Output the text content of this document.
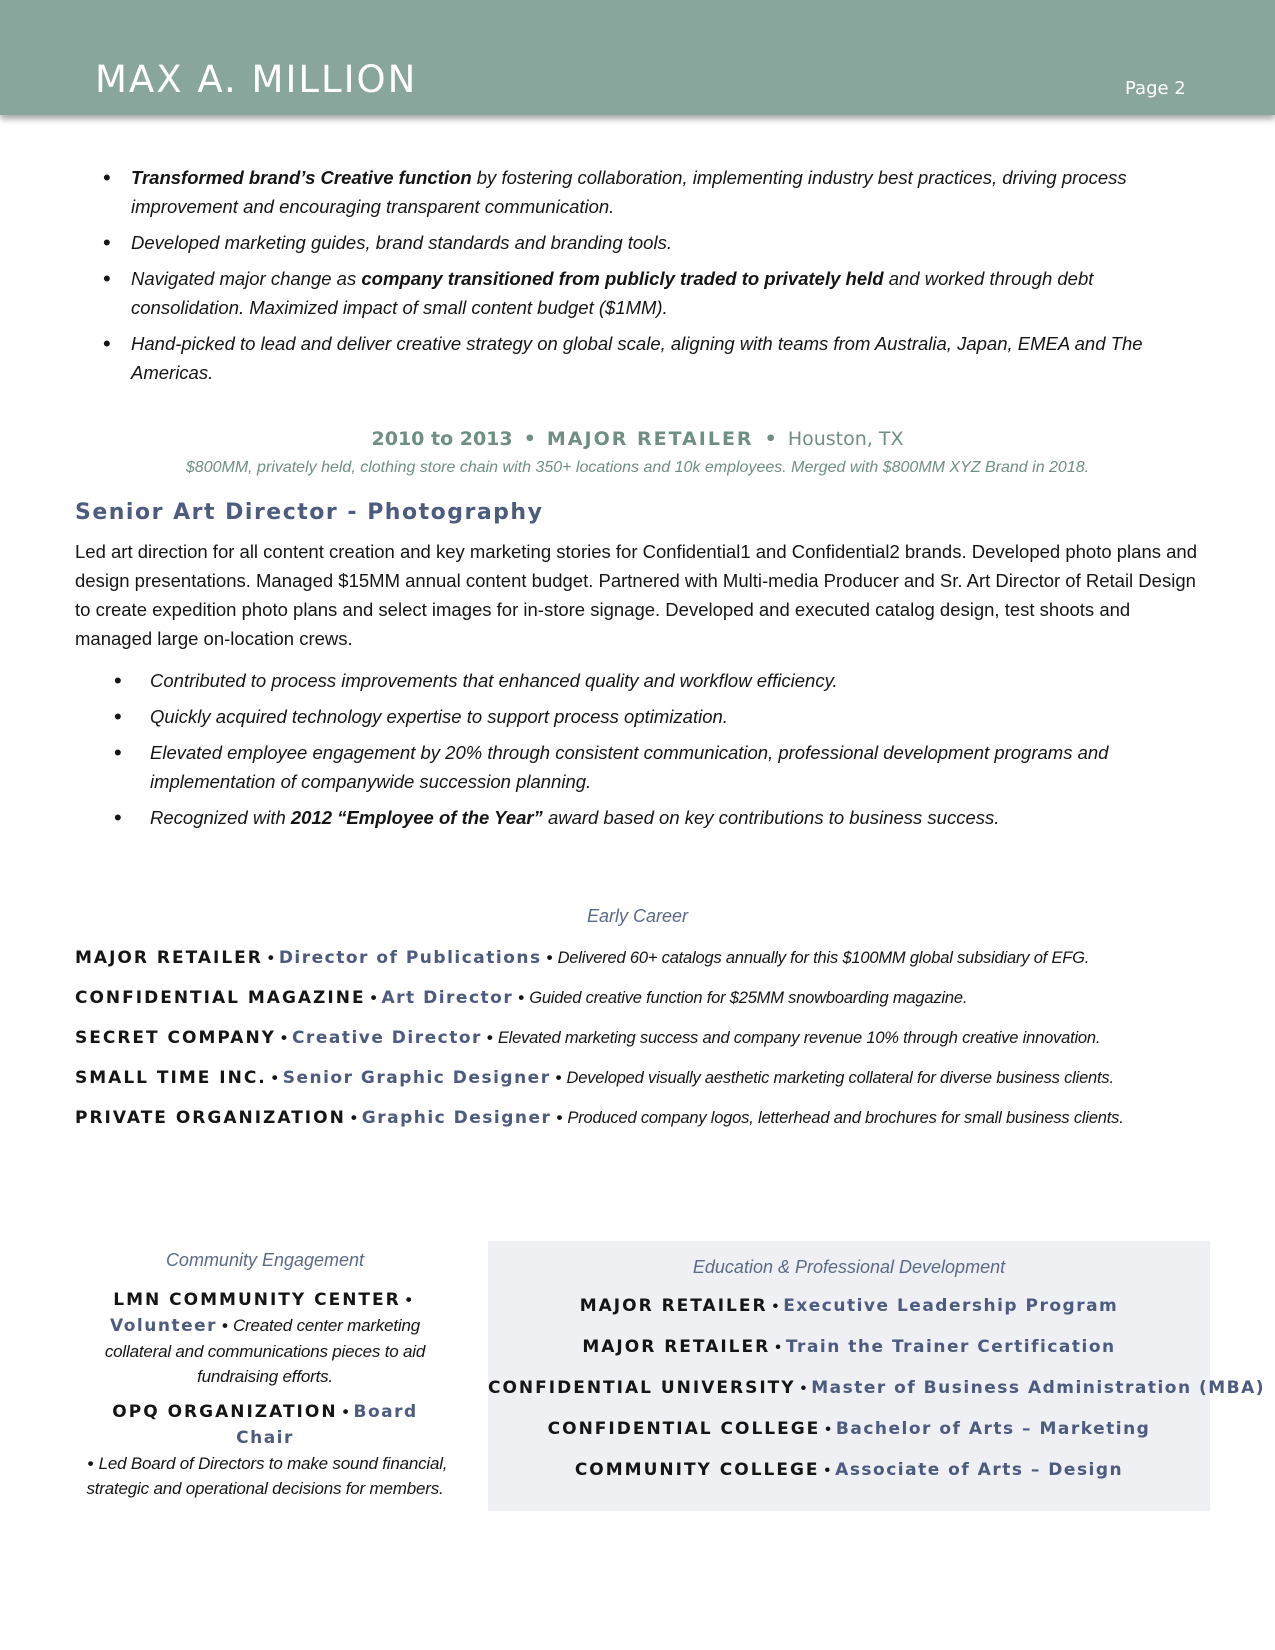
MAX A. MILLION	Page 2
• Transformed brand’s Creative function by fostering collaboration, implementing industry best practices, driving process improvement and encouraging transparent communication.
• Developed marketing guides, brand standards and branding tools.
• Navigated major change as company transitioned from publicly traded to privately held and worked through debt consolidation. Maximized impact of small content budget ($1MM).
• Hand-picked to lead and deliver creative strategy on global scale, aligning with teams from Australia, Japan, EMEA and The Americas.
2010 to 2013 • MAJOR RETAILER • Houston, TX
$800MM, privately held, clothing store chain with 350+ locations and 10k employees. Merged with $800MM XYZ Brand in 2018.
Senior Art Director - Photography
Led art direction for all content creation and key marketing stories for Confidential1 and Confidential2 brands. Developed photo plans and design presentations. Managed $15MM annual content budget. Partnered with Multi-media Producer and Sr. Art Director of Retail Design to create expedition photo plans and select images for in-store signage. Developed and executed catalog design, test shoots and managed large on-location crews.
• Contributed to process improvements that enhanced quality and workflow efficiency.
• Quickly acquired technology expertise to support process optimization.
• Elevated employee engagement by 20% through consistent communication, professional development programs and implementation of companywide succession planning.
• Recognized with 2012 “Employee of the Year” award based on key contributions to business success.
Early Career
MAJOR RETAILER • Director of Publications • Delivered 60+ catalogs annually for this $100MM global subsidiary of EFG.
CONFIDENTIAL MAGAZINE • Art Director • Guided creative function for $25MM snowboarding magazine.
SECRET COMPANY • Creative Director • Elevated marketing success and company revenue 10% through creative innovation.
SMALL TIME INC. • Senior Graphic Designer • Developed visually aesthetic marketing collateral for diverse business clients.
PRIVATE ORGANIZATION • Graphic Designer • Produced company logos, letterhead and brochures for small business clients.
Community Engagement
LMN COMMUNITY CENTER •
Volunteer • Created center marketing collateral and communications pieces to aid fundraising efforts.
OPQ ORGANIZATION • Board Chair
• Led Board of Directors to make sound financial, strategic and operational decisions for members.
Education & Professional Development
MAJOR RETAILER • Executive Leadership Program
MAJOR RETAILER • Train the Trainer Certification
CONFIDENTIAL UNIVERSITY • Master of Business Administration (MBA)
CONFIDENTIAL COLLEGE • Bachelor of Arts – Marketing
COMMUNITY COLLEGE • Associate of Arts – Design
